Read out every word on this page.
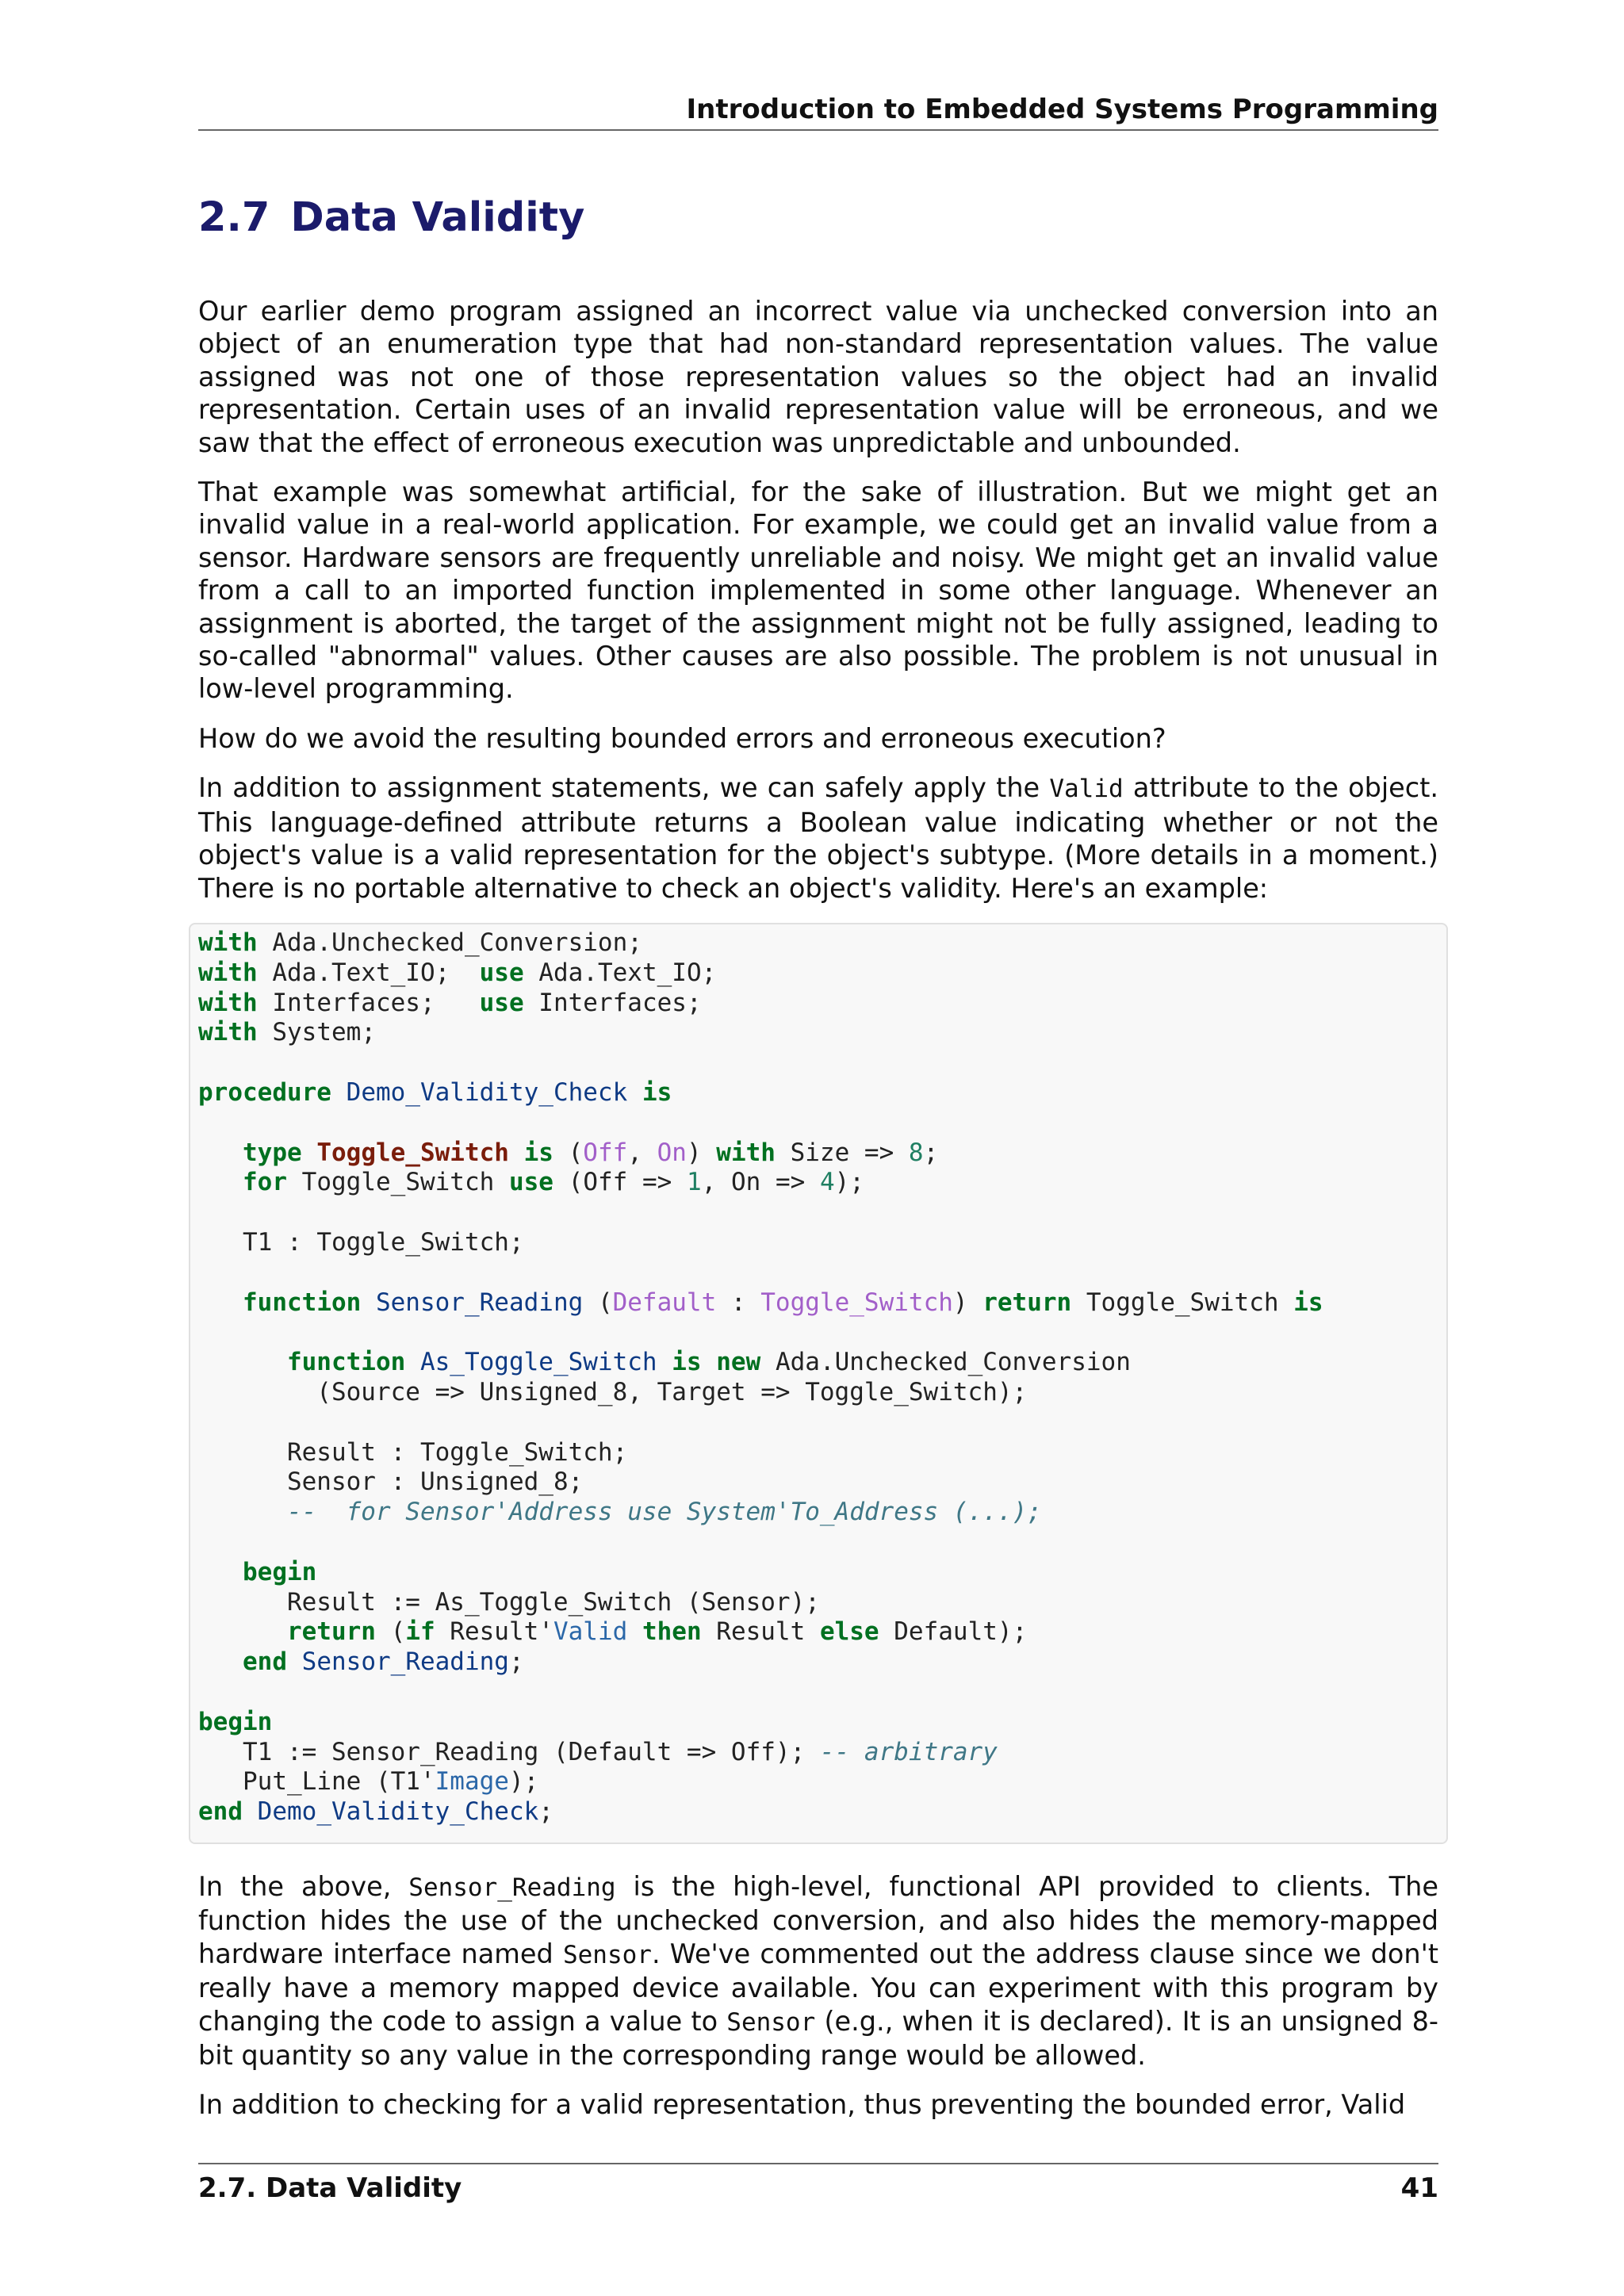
Introduction to Embedded Systems Programming
2.7 Data Validity

Our earlier demo program assigned an incorrect value via unchecked conversion into an object of an enumeration type that had non-standard representation values. The value assigned was not one of those representation values so the object had an invalid representation. Certain uses of an invalid representation value will be erroneous, and we saw that the effect of erroneous execution was unpredictable and unbounded.

That example was somewhat artificial, for the sake of illustration. But we might get an invalid value in a real-world application. For example, we could get an invalid value from a sensor. Hardware sensors are frequently unreliable and noisy. We might get an invalid value from a call to an imported function implemented in some other language. Whenever an assignment is aborted, the target of the assignment might not be fully assigned, leading to so-called "abnormal" values. Other causes are also possible. The problem is not unusual in low-level programming.

How do we avoid the resulting bounded errors and erroneous execution?

In addition to assignment statements, we can safely apply the Valid attribute to the object. This language-defined attribute returns a Boolean value indicating whether or not the object's value is a valid representation for the object's subtype. (More details in a moment.) There is no portable alternative to check an object's validity. Here's an example:

with Ada.Unchecked_Conversion;
with Ada.Text_IO;  use Ada.Text_IO;
with Interfaces;   use Interfaces;
with System;

procedure Demo_Validity_Check is

type Toggle_Switch is (Off, On) with Size => 8;
for Toggle_Switch use (Off => 1, On => 4);

T1 : Toggle_Switch;

function Sensor_Reading (Default : Toggle_Switch) return Toggle_Switch is

function As_Toggle_Switch is new Ada.Unchecked_Conversion
(Source => Unsigned_8, Target => Toggle_Switch);

Result : Toggle_Switch;
Sensor : Unsigned_8;
--  for Sensor'Address use System'To_Address (...);

begin
Result := As_Toggle_Switch (Sensor);
return (if Result'Valid then Result else Default);
end Sensor_Reading;

begin
T1 := Sensor_Reading (Default => Off); -- arbitrary
Put_Line (T1'Image);
end Demo_Validity_Check;

In the above, Sensor_Reading is the high-level, functional API provided to clients. The function hides the use of the unchecked conversion, and also hides the memory-mapped hardware interface named Sensor. We've commented out the address clause since we don't really have a memory mapped device available. You can experiment with this program by changing the code to assign a value to Sensor (e.g., when it is declared). It is an unsigned 8-bit quantity so any value in the corresponding range would be allowed.

In addition to checking for a valid representation, thus preventing the bounded error, Valid

2.7. Data Validity	41
